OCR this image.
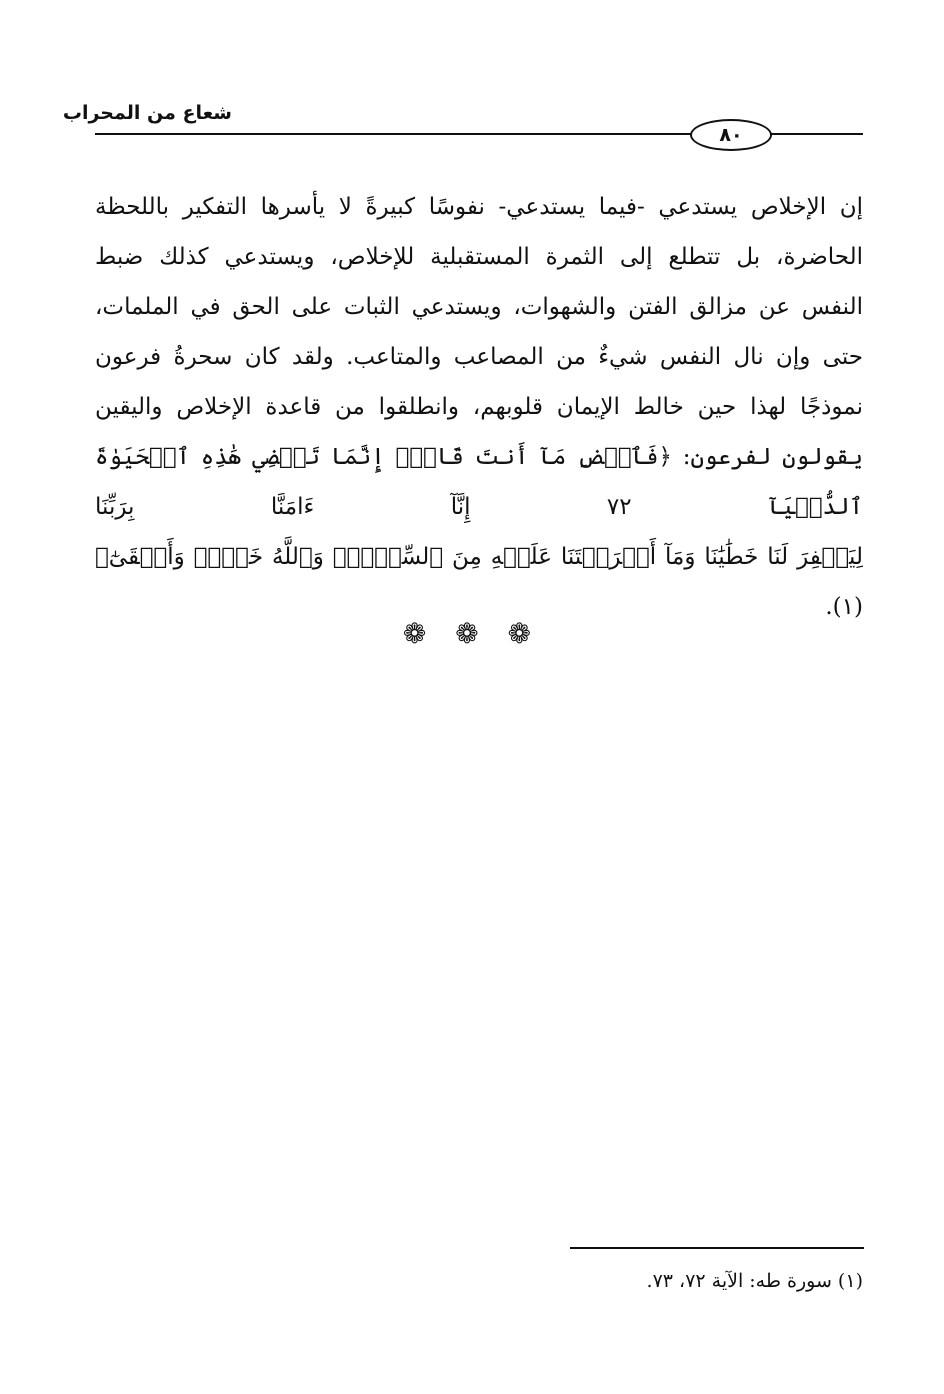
شعاع من المحراب
٨٠

إن الإخلاص يستدعي -فيما يستدعي- نفوسًا كبيرةً لا يأسرها التفكير باللحظة
الحاضرة، بل تتطلع إلى الثمرة المستقبلية للإخلاص، ويستدعي كذلك ضبط
النفس عن مزالق الفتن والشهوات، ويستدعي الثبات على الحق في الملمات،
حتى وإن نال النفس شيءٌ من المصاعب والمتاعب. ولقد كان سحرةُ فرعون
نموذجًا لهذا حين خالط الإيمان قلوبهم، وانطلقوا من قاعدة الإخلاص واليقين
يقولون لفرعون: ﴿فَٱقۡضِ مَآ أَنتَ قَاضٍۖ إِنَّمَا تَقۡضِي هَٰذِهِ ٱلۡحَيَوٰةَ ٱلدُّنۡيَآ ٧٢ إِنَّآ ءَامَنَّا بِرَبِّنَا
لِيَغۡفِرَ لَنَا خَطَٰيَٰنَا وَمَآ أَكۡرَهۡتَنَا عَلَيۡهِ مِنَ ٱلسِّحۡرِۗ وَٱللَّهُ خَيۡرٞ وَأَبۡقَىٰٓ﴾(١).

❁ ❁ ❁

(١) سورة طه: الآية ٧٢، ٧٣.
